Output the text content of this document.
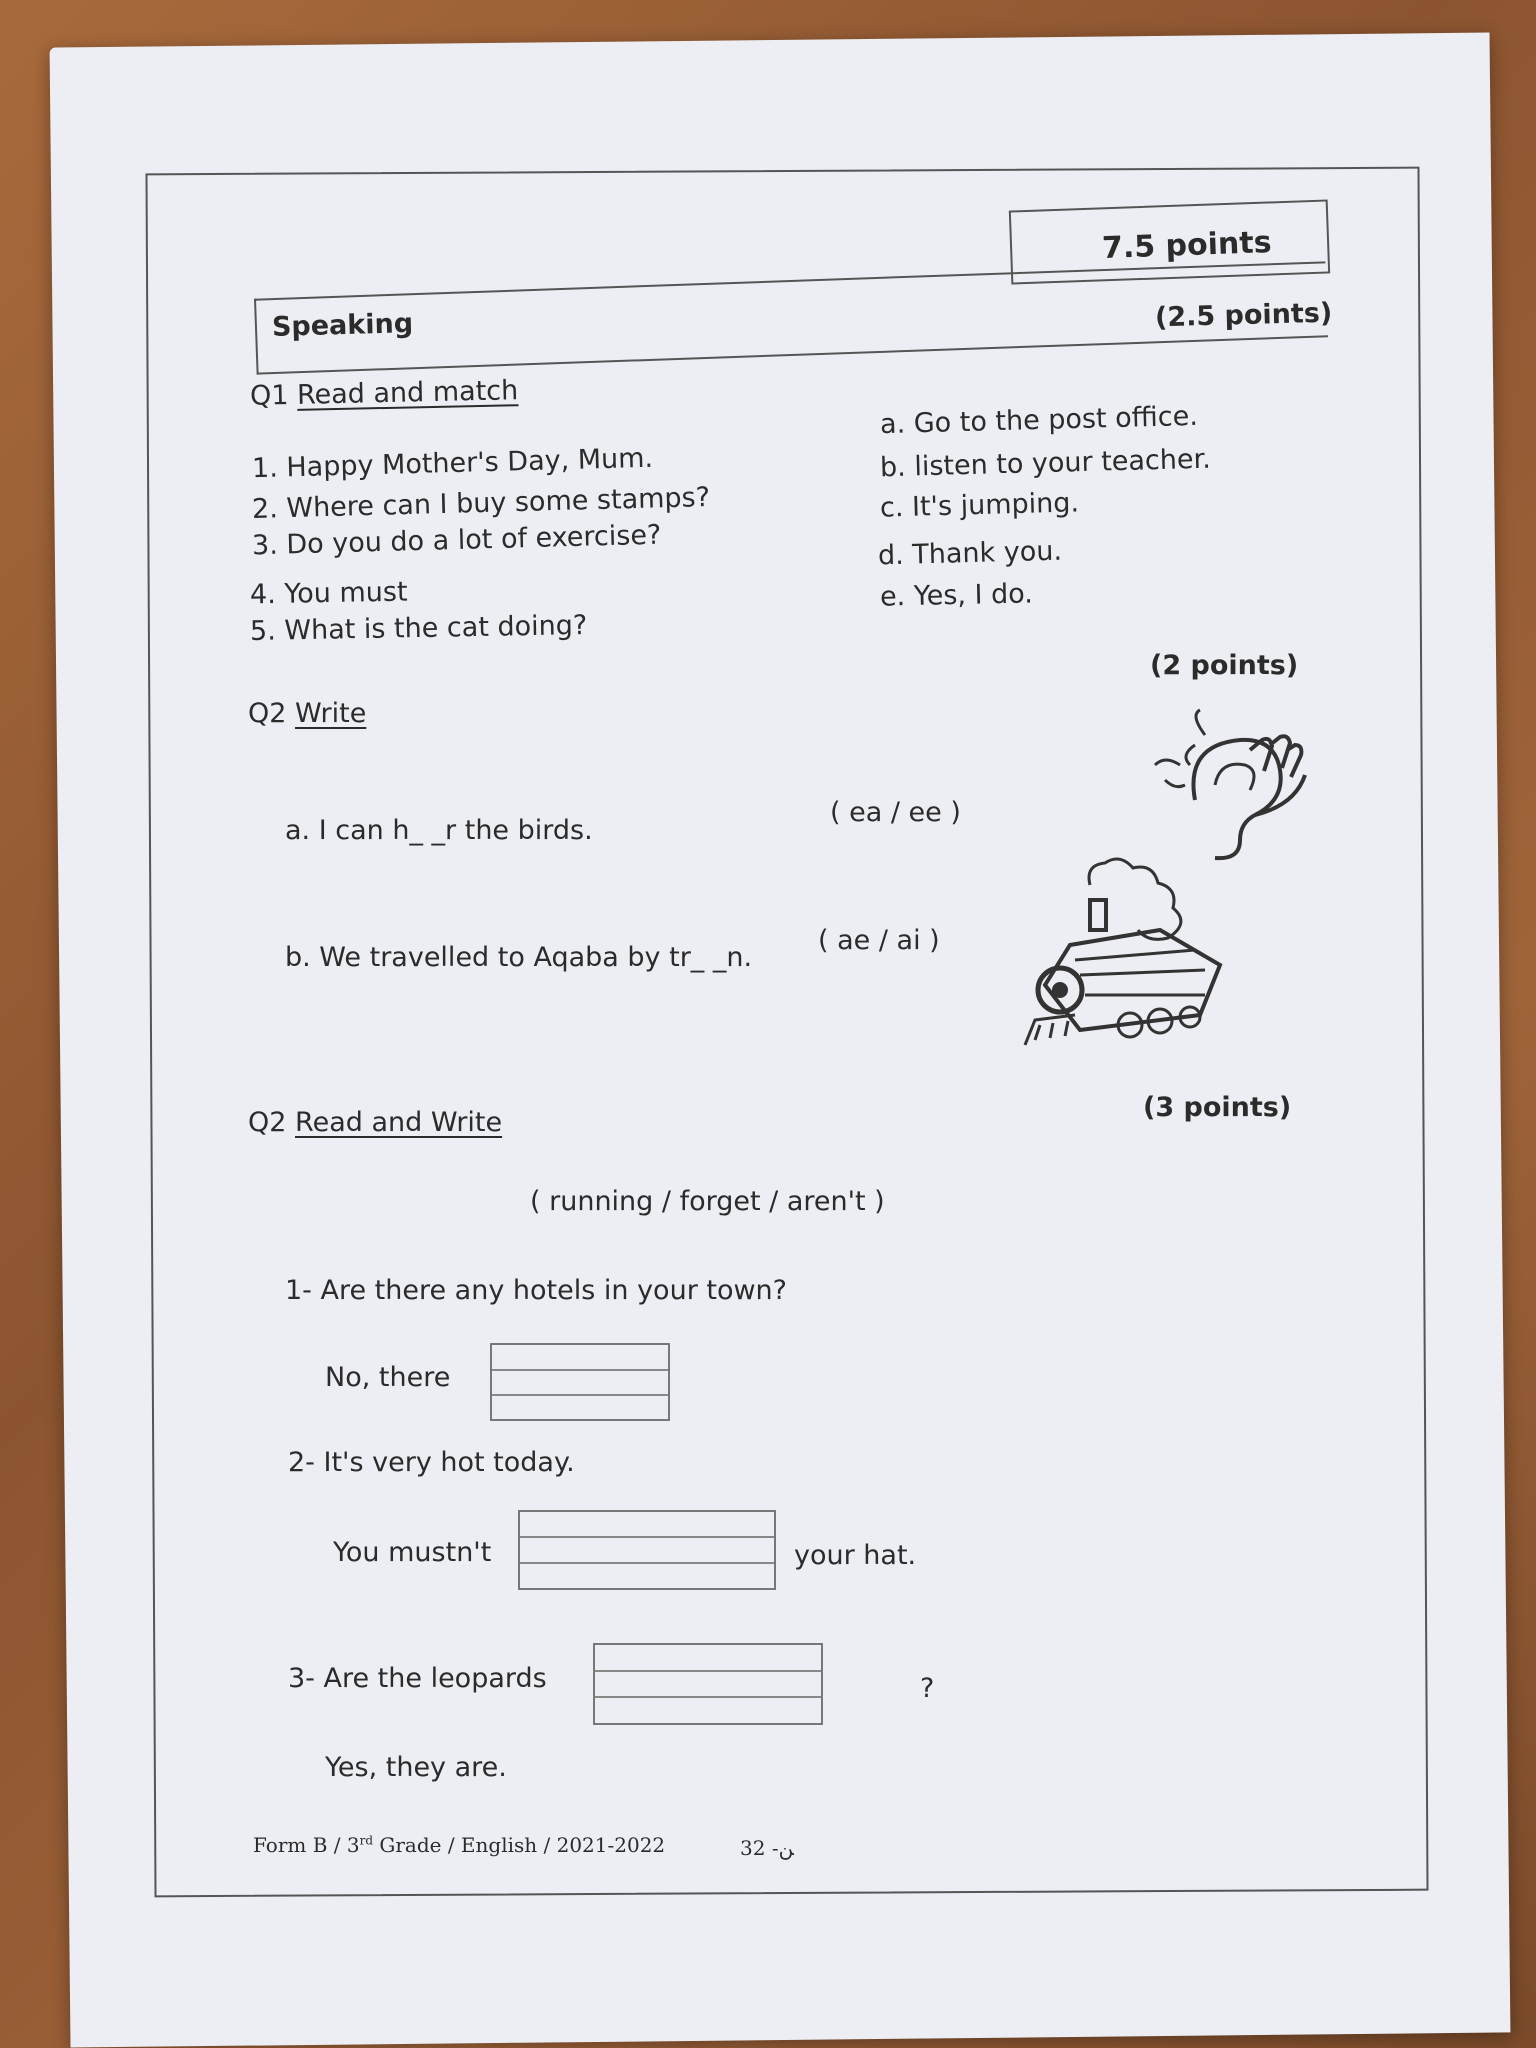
7.5 points
Speaking	(2.5 points)
Q1 Read and match
1. Happy Mother's Day, Mum.
2. Where can I buy some stamps?
3. Do you do a lot of exercise?
4. You must
5. What is the cat doing?
a. Go to the post office.
b. listen to your teacher.
c. It's jumping.
d. Thank you.
e. Yes, I do.
(2 points)
Q2 Write
a. I can h_ _r the birds.
( ea / ee )
b. We travelled to Aqaba by tr_ _n.
( ae / ai )
(3 points)
Q2 Read and Write
( running / forget / aren't )
1- Are there any hotels in your town?
No, there
2- It's very hot today.
You mustn't	your hat.
3- Are the leopards	?
Yes, they are.
Form B / 3rd Grade / English / 2021-2022	3ﻦ- 2
